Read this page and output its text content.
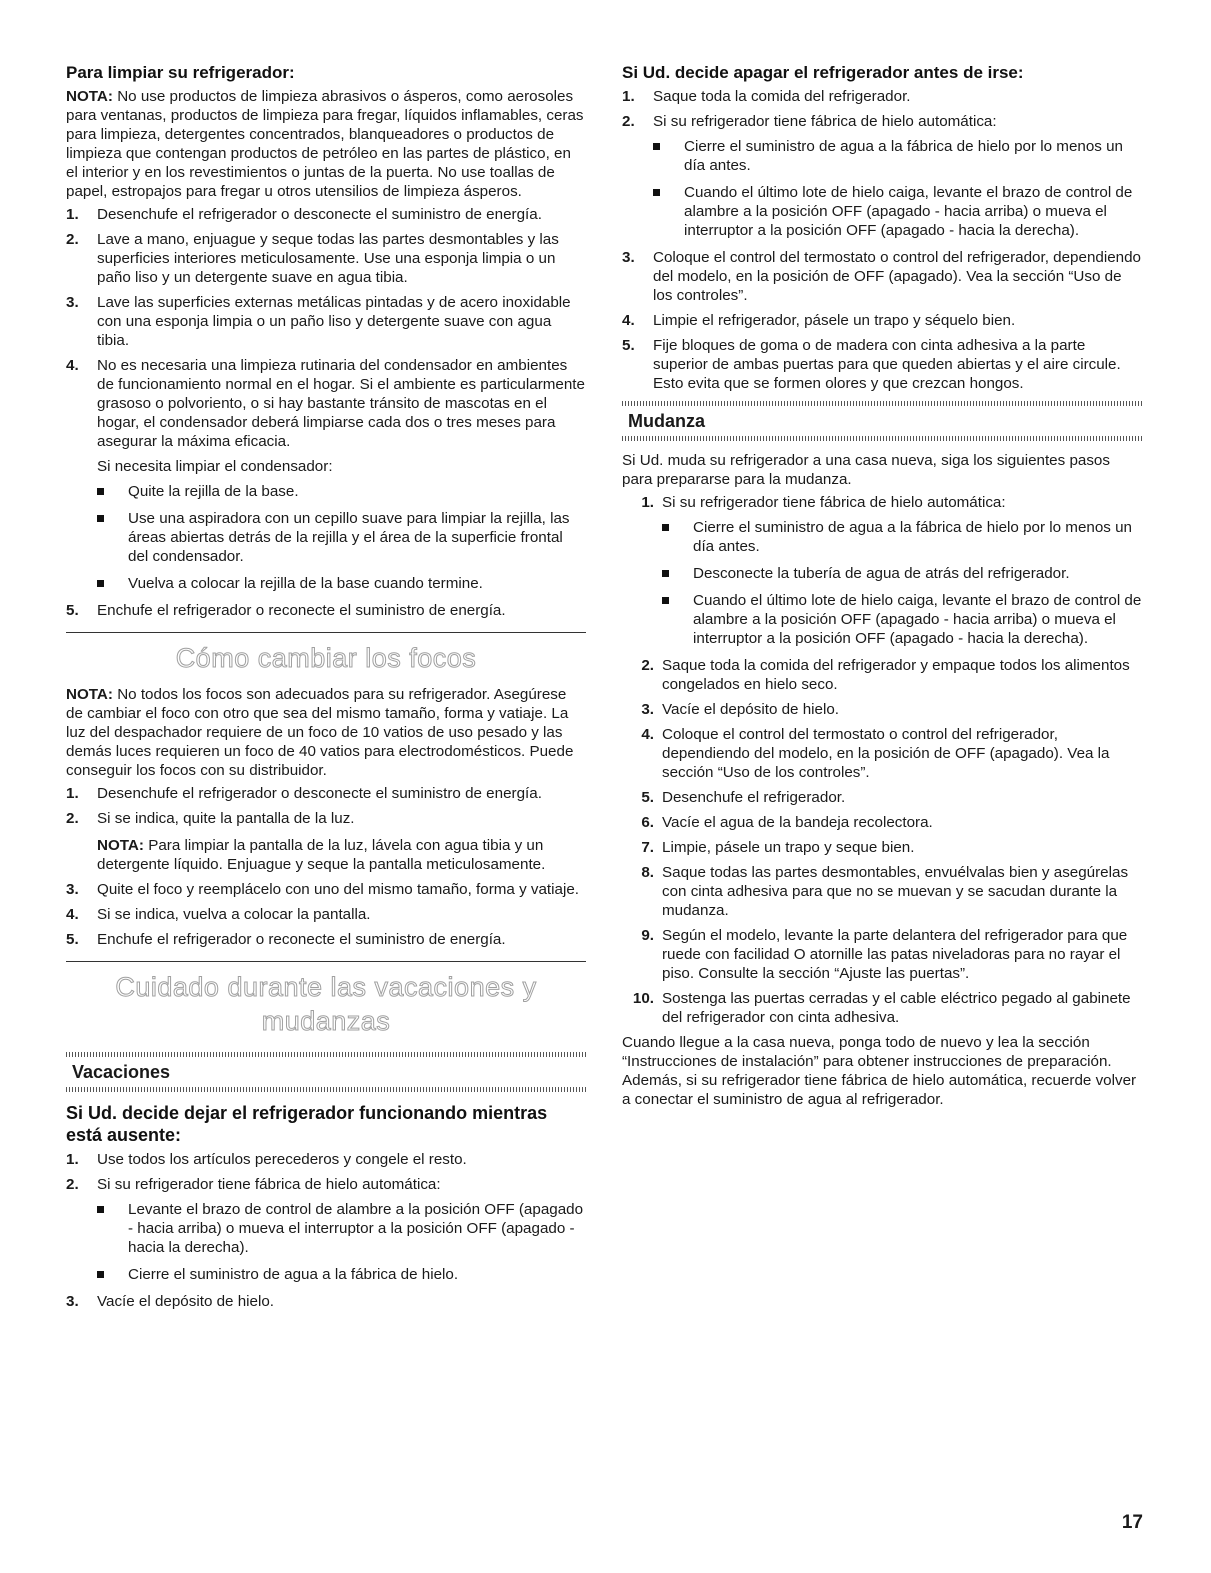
Para limpiar su refrigerador:

NOTA: No use productos de limpieza abrasivos o ásperos, como aerosoles para ventanas, productos de limpieza para fregar, líquidos inflamables, ceras para limpieza, detergentes concentrados, blanqueadores o productos de limpieza que contengan productos de petróleo en las partes de plástico, en el interior y en los revestimientos o juntas de la puerta. No use toallas de papel, estropajos para fregar u otros utensilios de limpieza ásperos.

1.	Desenchufe el refrigerador o desconecte el suministro de energía.
2.	Lave a mano, enjuague y seque todas las partes desmontables y las superficies interiores meticulosamente. Use una esponja limpia o un paño liso y un detergente suave en agua tibia.
3.	Lave las superficies externas metálicas pintadas y de acero inoxidable con una esponja limpia o un paño liso y detergente suave con agua tibia.
4.	No es necesaria una limpieza rutinaria del condensador en ambientes de funcionamiento normal en el hogar. Si el ambiente es particularmente grasoso o polvoriento, o si hay bastante tránsito de mascotas en el hogar, el condensador deberá limpiarse cada dos o tres meses para asegurar la máxima eficacia.
Si necesita limpiar el condensador:
Quite la rejilla de la base.
Use una aspiradora con un cepillo suave para limpiar la rejilla, las áreas abiertas detrás de la rejilla y el área de la superficie frontal del condensador.
Vuelva a colocar la rejilla de la base cuando termine.
5.	Enchufe el refrigerador o reconecte el suministro de energía.
Cómo cambiar los focos

NOTA: No todos los focos son adecuados para su refrigerador. Asegúrese de cambiar el foco con otro que sea del mismo tamaño, forma y vatiaje. La luz del despachador requiere de un foco de 10 vatios de uso pesado y las demás luces requieren un foco de 40 vatios para electrodomésticos. Puede conseguir los focos con su distribuidor.

1.	Desenchufe el refrigerador o desconecte el suministro de energía.
2.	Si se indica, quite la pantalla de la luz.
NOTA: Para limpiar la pantalla de la luz, lávela con agua tibia y un detergente líquido. Enjuague y seque la pantalla meticulosamente.
3.	Quite el foco y reemplácelo con uno del mismo tamaño, forma y vatiaje.
4.	Si se indica, vuelva a colocar la pantalla.
5.	Enchufe el refrigerador o reconecte el suministro de energía.
Cuidado durante las vacaciones y
mudanzas
Vacaciones
Si Ud. decide dejar el refrigerador funcionando mientras está ausente:
1.	Use todos los artículos perecederos y congele el resto.
2.	Si su refrigerador tiene fábrica de hielo automática:
Levante el brazo de control de alambre a la posición OFF (apagado - hacia arriba) o mueva el interruptor a la posición OFF (apagado - hacia la derecha).
Cierre el suministro de agua a la fábrica de hielo.
3.	Vacíe el depósito de hielo.
Si Ud. decide apagar el refrigerador antes de irse:
1.	Saque toda la comida del refrigerador.
2.	Si su refrigerador tiene fábrica de hielo automática:
Cierre el suministro de agua a la fábrica de hielo por lo menos un día antes.
Cuando el último lote de hielo caiga, levante el brazo de control de alambre a la posición OFF (apagado - hacia arriba) o mueva el interruptor a la posición OFF (apagado - hacia la derecha).
3.	Coloque el control del termostato o control del refrigerador, dependiendo del modelo, en la posición de OFF (apagado). Vea la sección “Uso de los controles”.
4.	Limpie el refrigerador, pásele un trapo y séquelo bien.
5.	Fije bloques de goma o de madera con cinta adhesiva a la parte superior de ambas puertas para que queden abiertas y el aire circule. Esto evita que se formen olores y que crezcan hongos.
Mudanza

Si Ud. muda su refrigerador a una casa nueva, siga los siguientes pasos para prepararse para la mudanza.

1. Si su refrigerador tiene fábrica de hielo automática:
Cierre el suministro de agua a la fábrica de hielo por lo menos un día antes.
Desconecte la tubería de agua de atrás del refrigerador.
Cuando el último lote de hielo caiga, levante el brazo de control de alambre a la posición OFF (apagado - hacia arriba) o mueva el interruptor a la posición OFF (apagado - hacia la derecha).
2. Saque toda la comida del refrigerador y empaque todos los alimentos congelados en hielo seco.
3. Vacíe el depósito de hielo.
4. Coloque el control del termostato o control del refrigerador, dependiendo del modelo, en la posición de OFF (apagado). Vea la sección “Uso de los controles”.
5. Desenchufe el refrigerador.
6. Vacíe el agua de la bandeja recolectora.
7. Limpie, pásele un trapo y seque bien.
8. Saque todas las partes desmontables, envuélvalas bien y asegúrelas con cinta adhesiva para que no se muevan y se sacudan durante la mudanza.
9. Según el modelo, levante la parte delantera del refrigerador para que ruede con facilidad O atornille las patas niveladoras para no rayar el piso. Consulte la sección “Ajuste las puertas”.
10. Sostenga las puertas cerradas y el cable eléctrico pegado al gabinete del refrigerador con cinta adhesiva.

Cuando llegue a la casa nueva, ponga todo de nuevo y lea la sección “Instrucciones de instalación” para obtener instrucciones de preparación. Además, si su refrigerador tiene fábrica de hielo automática, recuerde volver a conectar el suministro de agua al refrigerador.

17
